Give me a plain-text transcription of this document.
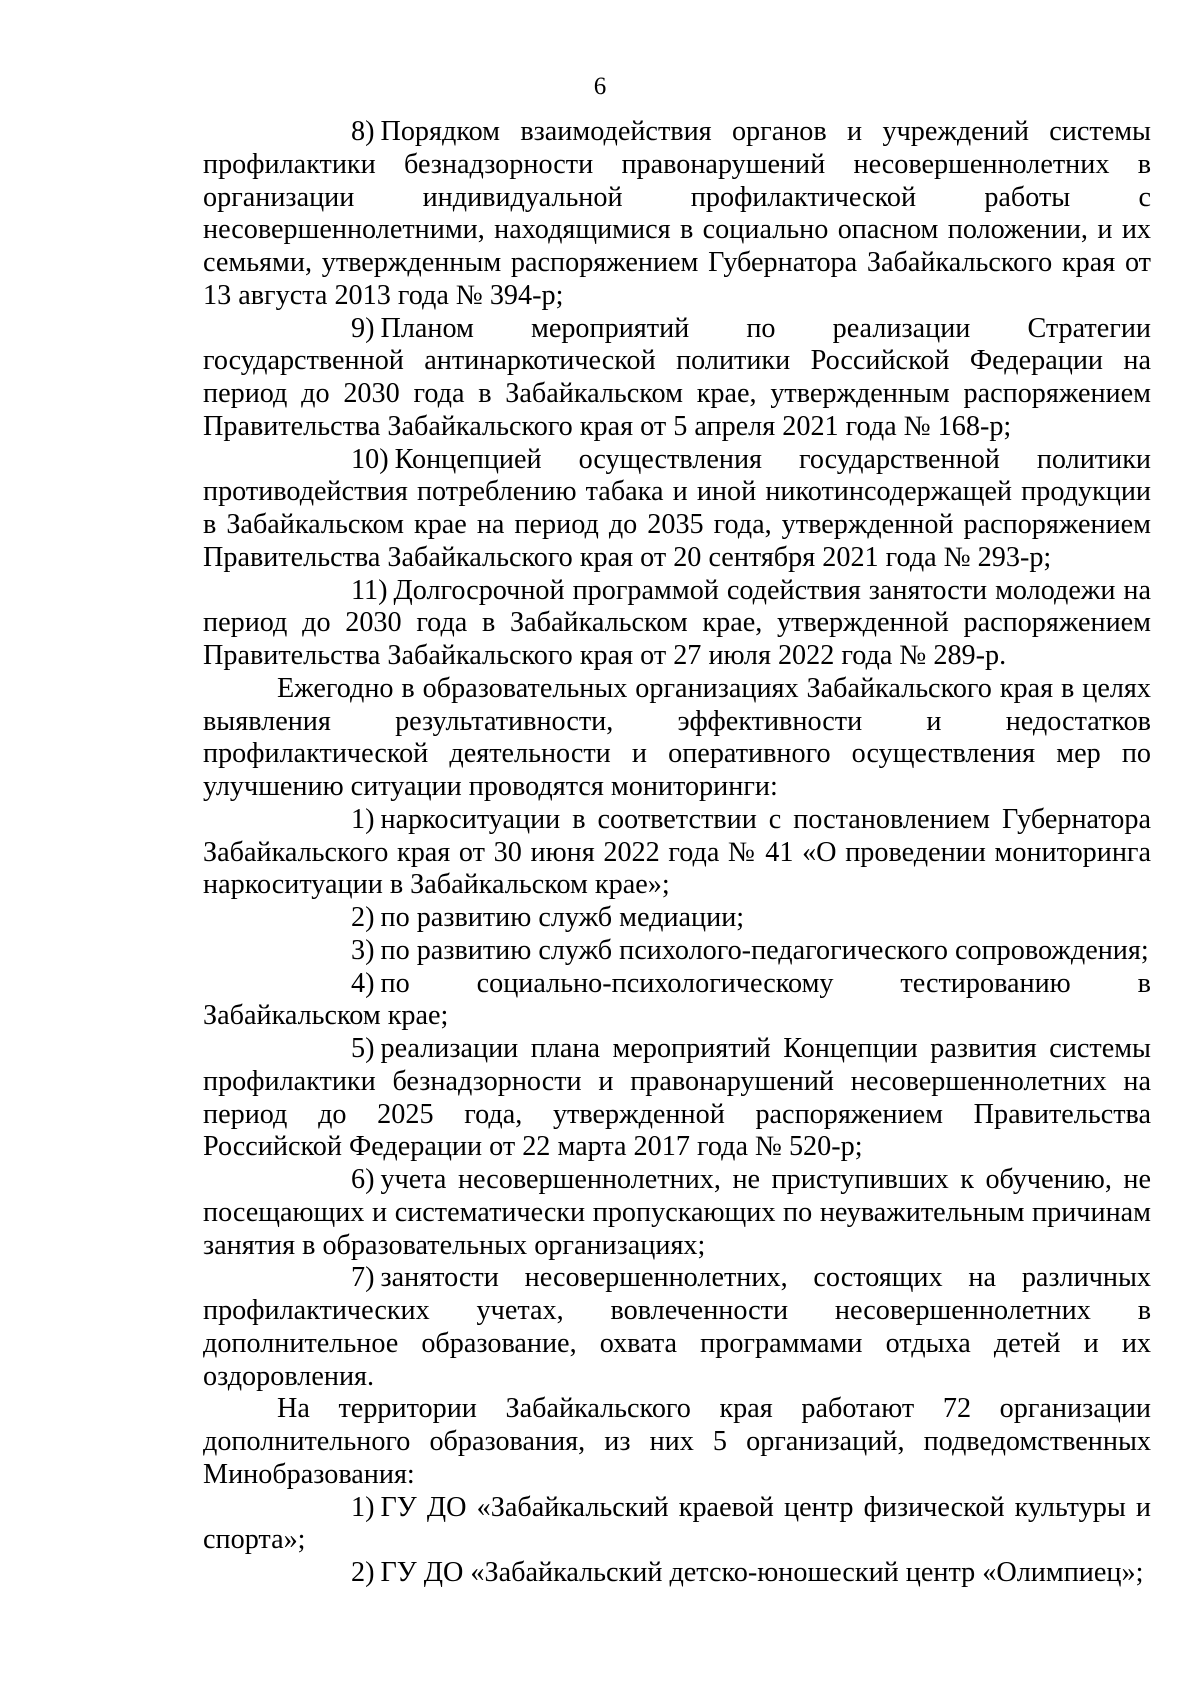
6

8) Порядком взаимодействия органов и учреждений системы профилактики безнадзорности правонарушений несовершеннолетних в организации индивидуальной профилактической работы с несовершеннолетними, находящимися в социально опасном положении, и их семьями, утвержденным распоряжением Губернатора Забайкальского края от 13 августа 2013 года № 394-р;

9) Планом мероприятий по реализации Стратегии государственной антинаркотической политики Российской Федерации на период до 2030 года в Забайкальском крае, утвержденным распоряжением Правительства Забайкальского края от 5 апреля 2021 года № 168-р;

10) Концепцией осуществления государственной политики противодействия потреблению табака и иной никотинсодержащей продукции в Забайкальском крае на период до 2035 года, утвержденной распоряжением Правительства Забайкальского края от 20 сентября 2021 года № 293-р;

11) Долгосрочной программой содействия занятости молодежи на период до 2030 года в Забайкальском крае, утвержденной распоряжением Правительства Забайкальского края от 27 июля 2022 года № 289-р.

Ежегодно в образовательных организациях Забайкальского края в целях выявления результативности, эффективности и недостатков профилактической деятельности и оперативного осуществления мер по улучшению ситуации проводятся мониторинги:

1) наркоситуации в соответствии с постановлением Губернатора Забайкальского края от 30 июня 2022 года № 41 «О проведении мониторинга наркоситуации в Забайкальском крае»;

2) по развитию служб медиации;

3) по развитию служб психолого-педагогического сопровождения;

4) по социально-психологическому тестированию в Забайкальском крае;

5) реализации плана мероприятий Концепции развития системы профилактики безнадзорности и правонарушений несовершеннолетних на период до 2025 года, утвержденной распоряжением Правительства Российской Федерации от 22 марта 2017 года № 520-р;

6) учета несовершеннолетних, не приступивших к обучению, не посещающих и систематически пропускающих по неуважительным причинам занятия в образовательных организациях;

7) занятости несовершеннолетних, состоящих на различных профилактических учетах, вовлеченности несовершеннолетних в дополнительное образование, охвата программами отдыха детей и их оздоровления.

На территории Забайкальского края работают 72 организации дополнительного образования, из них 5 организаций, подведомственных Минобразования:

1) ГУ ДО «Забайкальский краевой центр физической культуры и спорта»;

2) ГУ ДО «Забайкальский детско-юношеский центр «Олимпиец»;
